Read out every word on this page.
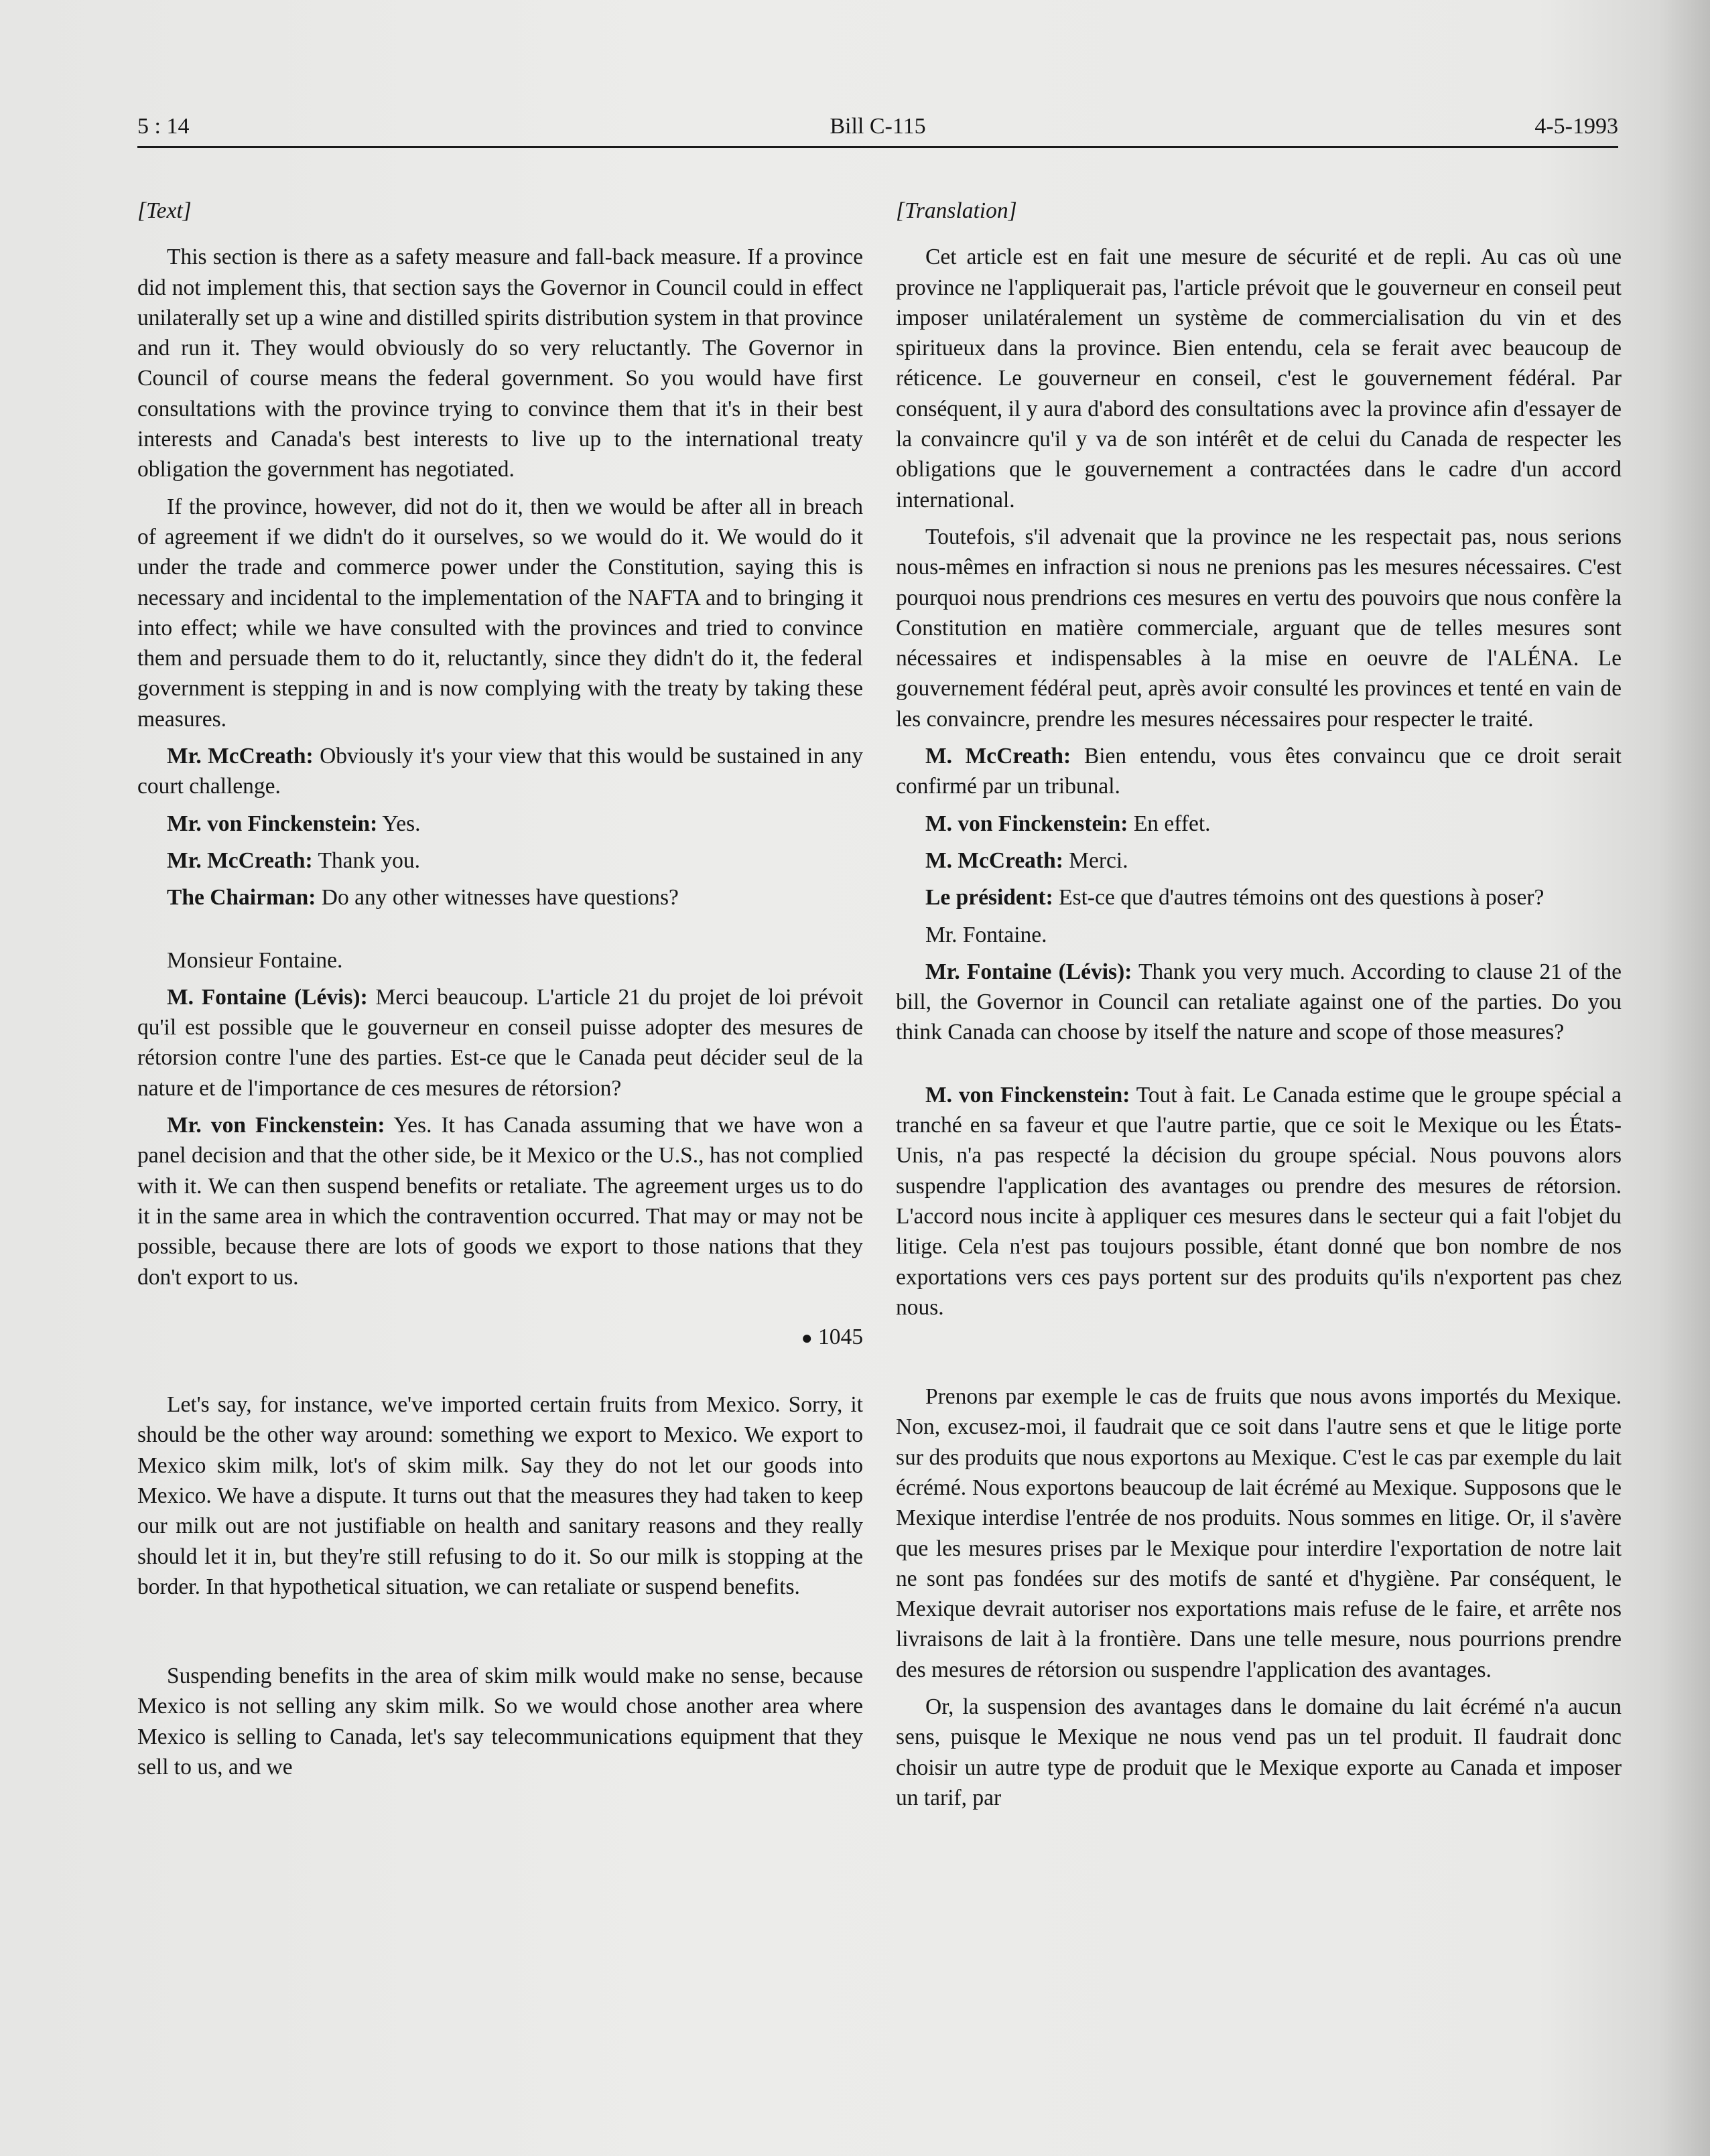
5 : 14	Bill C-115	4-5-1993

[Text]

This section is there as a safety measure and fall-back measure. If a province did not implement this, that section says the Governor in Council could in effect unilaterally set up a wine and distilled spirits distribution system in that province and run it. They would obviously do so very reluctantly. The Governor in Council of course means the federal government. So you would have first consultations with the province trying to convince them that it's in their best interests and Canada's best interests to live up to the international treaty obligation the government has negotiated.

If the province, however, did not do it, then we would be after all in breach of agreement if we didn't do it ourselves, so we would do it. We would do it under the trade and commerce power under the Constitution, saying this is necessary and incidental to the implementation of the NAFTA and to bringing it into effect; while we have consulted with the provinces and tried to convince them and persuade them to do it, reluctantly, since they didn't do it, the federal government is stepping in and is now complying with the treaty by taking these measures.

Mr. McCreath: Obviously it's your view that this would be sustained in any court challenge.

Mr. von Finckenstein: Yes.

Mr. McCreath: Thank you.

The Chairman: Do any other witnesses have questions?

Monsieur Fontaine.

M. Fontaine (Lévis): Merci beaucoup. L'article 21 du projet de loi prévoit qu'il est possible que le gouverneur en conseil puisse adopter des mesures de rétorsion contre l'une des parties. Est-ce que le Canada peut décider seul de la nature et de l'importance de ces mesures de rétorsion?

Mr. von Finckenstein: Yes. It has Canada assuming that we have won a panel decision and that the other side, be it Mexico or the U.S., has not complied with it. We can then suspend benefits or retaliate. The agreement urges us to do it in the same area in which the contravention occurred. That may or may not be possible, because there are lots of goods we export to those nations that they don't export to us.

● 1045

Let's say, for instance, we've imported certain fruits from Mexico. Sorry, it should be the other way around: something we export to Mexico. We export to Mexico skim milk, lot's of skim milk. Say they do not let our goods into Mexico. We have a dispute. It turns out that the measures they had taken to keep our milk out are not justifiable on health and sanitary reasons and they really should let it in, but they're still refusing to do it. So our milk is stopping at the border. In that hypothetical situation, we can retaliate or suspend benefits.

Suspending benefits in the area of skim milk would make no sense, because Mexico is not selling any skim milk. So we would chose another area where Mexico is selling to Canada, let's say telecommunications equipment that they sell to us, and we

[Translation]

Cet article est en fait une mesure de sécurité et de repli. Au cas où une province ne l'appliquerait pas, l'article prévoit que le gouverneur en conseil peut imposer unilatéralement un système de commercialisation du vin et des spiritueux dans la province. Bien entendu, cela se ferait avec beaucoup de réticence. Le gouverneur en conseil, c'est le gouvernement fédéral. Par conséquent, il y aura d'abord des consultations avec la province afin d'essayer de la convaincre qu'il y va de son intérêt et de celui du Canada de respecter les obligations que le gouvernement a contractées dans le cadre d'un accord international.

Toutefois, s'il advenait que la province ne les respectait pas, nous serions nous-mêmes en infraction si nous ne prenions pas les mesures nécessaires. C'est pourquoi nous prendrions ces mesures en vertu des pouvoirs que nous confère la Constitution en matière commerciale, arguant que de telles mesures sont nécessaires et indispensables à la mise en oeuvre de l'ALÉNA. Le gouvernement fédéral peut, après avoir consulté les provinces et tenté en vain de les convaincre, prendre les mesures nécessaires pour respecter le traité.

M. McCreath: Bien entendu, vous êtes convaincu que ce droit serait confirmé par un tribunal.

M. von Finckenstein: En effet.

M. McCreath: Merci.

Le président: Est-ce que d'autres témoins ont des questions à poser?

Mr. Fontaine.

Mr. Fontaine (Lévis): Thank you very much. According to clause 21 of the bill, the Governor in Council can retaliate against one of the parties. Do you think Canada can choose by itself the nature and scope of those measures?

M. von Finckenstein: Tout à fait. Le Canada estime que le groupe spécial a tranché en sa faveur et que l'autre partie, que ce soit le Mexique ou les États-Unis, n'a pas respecté la décision du groupe spécial. Nous pouvons alors suspendre l'application des avantages ou prendre des mesures de rétorsion. L'accord nous incite à appliquer ces mesures dans le secteur qui a fait l'objet du litige. Cela n'est pas toujours possible, étant donné que bon nombre de nos exportations vers ces pays portent sur des produits qu'ils n'exportent pas chez nous.

Prenons par exemple le cas de fruits que nous avons importés du Mexique. Non, excusez-moi, il faudrait que ce soit dans l'autre sens et que le litige porte sur des produits que nous exportons au Mexique. C'est le cas par exemple du lait écrémé. Nous exportons beaucoup de lait écrémé au Mexique. Supposons que le Mexique interdise l'entrée de nos produits. Nous sommes en litige. Or, il s'avère que les mesures prises par le Mexique pour interdire l'exportation de notre lait ne sont pas fondées sur des motifs de santé et d'hygiène. Par conséquent, le Mexique devrait autoriser nos exportations mais refuse de le faire, et arrête nos livraisons de lait à la frontière. Dans une telle mesure, nous pourrions prendre des mesures de rétorsion ou suspendre l'application des avantages.

Or, la suspension des avantages dans le domaine du lait écrémé n'a aucun sens, puisque le Mexique ne nous vend pas un tel produit. Il faudrait donc choisir un autre type de produit que le Mexique exporte au Canada et imposer un tarif, par
